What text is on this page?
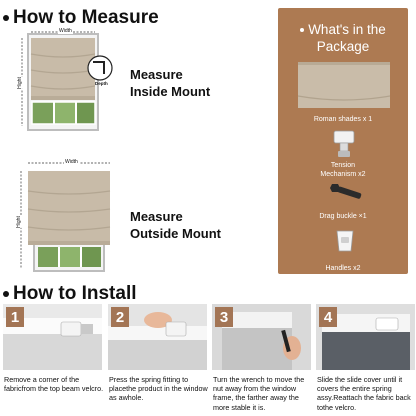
How to Measure
Width
Hight	Depth
Measure
Inside Mount
Width
Hight	Measure
Outside Mount
What's in the
Package
Roman shades x 1
Tension
Mechanism x2
Drag buckle ×1
Handles x2
How to Install
1
Remove a corner of the fabricfrom the top beam velcro.
2
Press the spring fitting to placethe product in the window as awhole.
3
Turn the wrench to move the nut away from the window frame, the farther away the more stable it is.
4
Slide the slide cover until it covers the entire spring assy.Reattach the fabric back tothe velcro.
